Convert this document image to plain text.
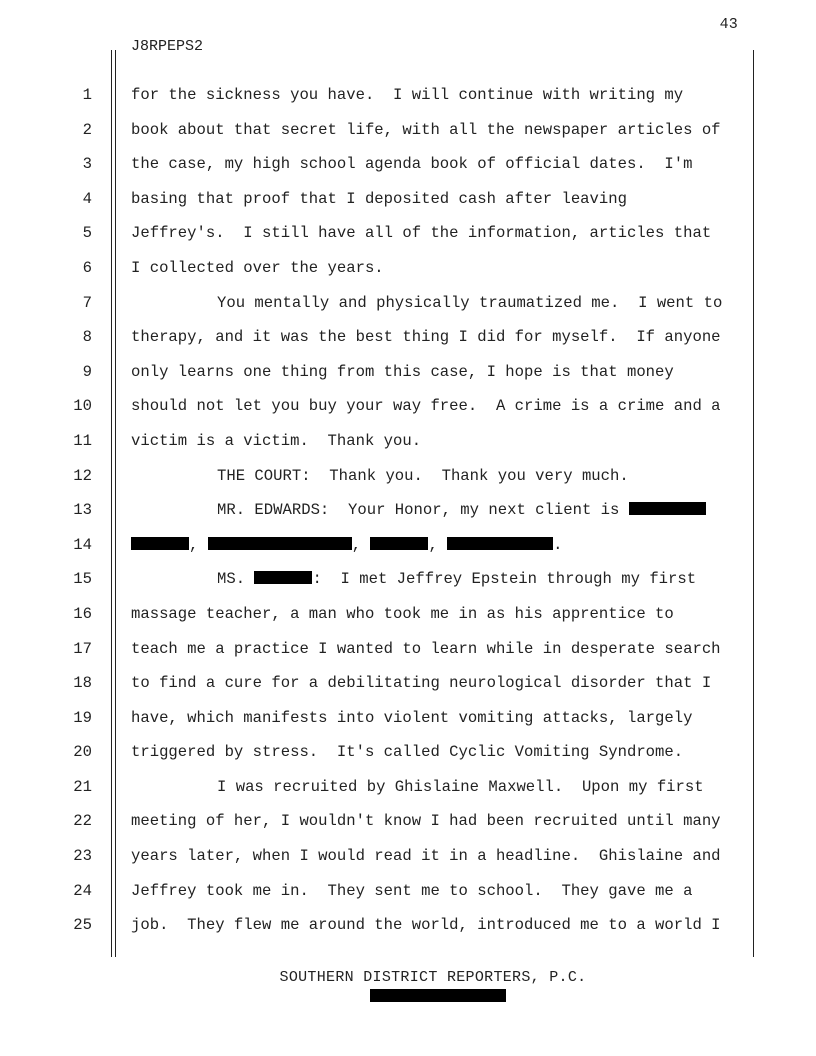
43
J8RPEPS2
1	for the sickness you have.  I will continue with writing my
2	book about that secret life, with all the newspaper articles of
3	the case, my high school agenda book of official dates.  I'm
4	basing that proof that I deposited cash after leaving
5	Jeffrey's.  I still have all of the information, articles that
6	I collected over the years.
7	You mentally and physically traumatized me.  I went to
8	therapy, and it was the best thing I did for myself.  If anyone
9	only learns one thing from this case, I hope is that money
10	should not let you buy your way free.  A crime is a crime and a
11	victim is a victim.  Thank you.
12	THE COURT:  Thank you.  Thank you very much.
13	MR. EDWARDS:  Your Honor, my next client is
14	,	,	,	.
15	MS.	:  I met Jeffrey Epstein through my first
16	massage teacher, a man who took me in as his apprentice to
17	teach me a practice I wanted to learn while in desperate search
18	to find a cure for a debilitating neurological disorder that I
19	have, which manifests into violent vomiting attacks, largely
20	triggered by stress.  It's called Cyclic Vomiting Syndrome.
21	I was recruited by Ghislaine Maxwell.  Upon my first
22	meeting of her, I wouldn't know I had been recruited until many
23	years later, when I would read it in a headline.  Ghislaine and
24	Jeffrey took me in.  They sent me to school.  They gave me a
25	job.  They flew me around the world, introduced me to a world I
SOUTHERN DISTRICT REPORTERS, P.C.
